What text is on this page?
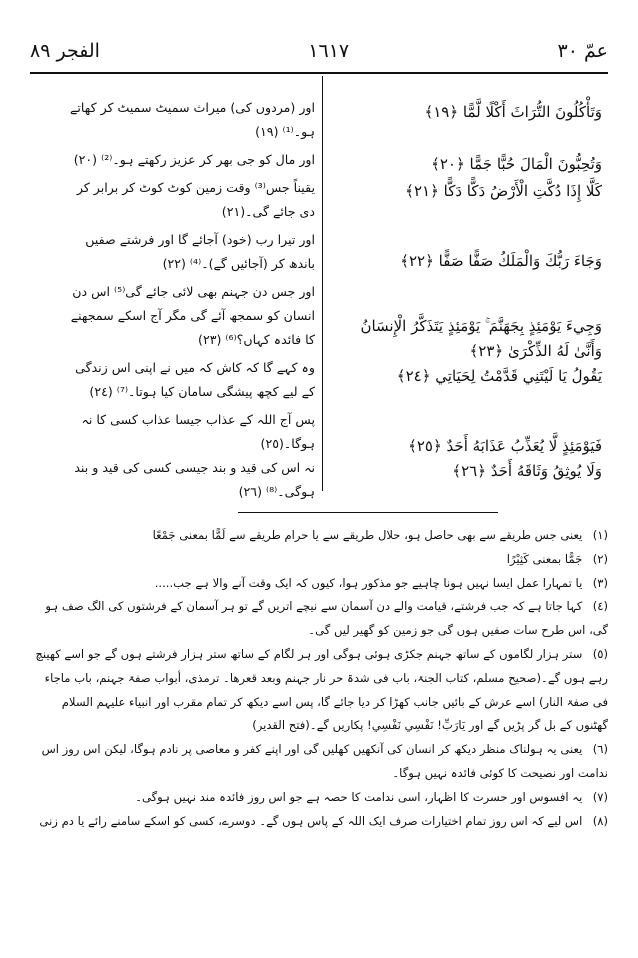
الفجر ٨٩	١٦١٧	عمّ ٣٠

وَتَأْكُلُونَ التُّرَاثَ أَكْلًا لَّمًّا ﴿١٩﴾

وَتُحِبُّونَ الْمَالَ حُبًّا جَمًّا ﴿٢٠﴾

كَلَّا إِذَا دُكَّتِ الْأَرْضُ دَكًّا دَكًّا ﴿٢١﴾

وَجَاءَ رَبُّكَ وَالْمَلَكُ صَفًّا صَفًّا ﴿٢٢﴾

وَجِيءَ يَوْمَئِذٍ بِجَهَنَّمَ ۚ يَوْمَئِذٍ يَتَذَكَّرُ الْإِنسَانُ

وَأَنَّىٰ لَهُ الذِّكْرَىٰ ﴿٢٣﴾

يَقُولُ يَا لَيْتَنِي قَدَّمْتُ لِحَيَاتِي ﴿٢٤﴾

فَيَوْمَئِذٍ لَّا يُعَذِّبُ عَذَابَهُ أَحَدٌ ﴿٢٥﴾

وَلَا يُوثِقُ وَثَاقَهُ أَحَدٌ ﴿٢٦﴾

اور (مردوں کی) میراث سمیٹ سمیٹ کر کھاتے ہو۔⁽¹⁾ (١٩)

اور مال کو جی بھر کر عزیز رکھتے ہو۔⁽²⁾ (٢٠)

یقیناً جس⁽³⁾ وقت زمین کوٹ کوٹ کر برابر کر دی جائے گی۔(٢١)

اور تیرا رب (خود) آجائے گا اور فرشتے صفیں باندھ کر (آجائیں گے)۔⁽⁴⁾ (٢٢)

اور جس دن جہنم بھی لائی جائے گی⁽⁵⁾ اس دن انسان کو سمجھ آئے گی مگر آج اسکے سمجھنے کا فائدہ کہاں؟⁽⁶⁾ (٢٣)

وہ کہے گا کہ کاش کہ میں نے اپنی اس زندگی کے لیے کچھ پیشگی سامان کیا ہوتا۔⁽⁷⁾ (٢٤)

پس آج اللہ کے عذاب جیسا عذاب کسی کا نہ ہوگا۔(٢٥)

نہ اس کی قید و بند جیسی کسی کی قید و بند ہوگی۔⁽⁸⁾ (٢٦)

(١) یعنی جس طریقے سے بھی حاصل ہو، حلال طریقے سے یا حرام طریقے سے لَمًّا بمعنی جَمْعًا

(٢) جَمًّا بمعنی کَثِیْرًا

(٣) یا تمہارا عمل ایسا نہیں ہونا چاہیے جو مذکور ہوا، کیوں کہ ایک وقت آنے والا ہے جب.....

(٤) کہا جاتا ہے کہ جب فرشتے، قیامت والے دن آسمان سے نیچے اتریں گے تو ہر آسمان کے فرشتوں کی الگ صف ہو گی، اس طرح سات صفیں ہوں گی جو زمین کو گھیر لیں گی۔

(٥) ستر ہزار لگاموں کے ساتھ جہنم جکڑی ہوئی ہوگی اور ہر لگام کے ساتھ ستر ہزار فرشتے ہوں گے جو اسے کھینچ رہے ہوں گے۔(صحیح مسلم، کتاب الجنۃ، باب فی شدۃ حر نار جہنم وبعد قعرھا۔ ترمذی، أبواب صفۃ جہنم، باب ماجاء فی صفۃ النار) اسے عرش کے بائیں جانب کھڑا کر دیا جائے گا، پس اسے دیکھ کر تمام مقرب اور انبیاء علیہم السلام گھٹنوں کے بل گر پڑیں گے اور یَارَبِّ! نَفْسِي نَفْسِي! پکاریں گے۔(فتح القدیر)

(٦) یعنی یہ ہولناک منظر دیکھ کر انسان کی آنکھیں کھلیں گی اور اپنے کفر و معاصی پر نادم ہوگا، لیکن اس روز اس ندامت اور نصیحت کا کوئی فائدہ نہیں ہوگا۔

(٧) یہ افسوس اور حسرت کا اظہار، اسی ندامت کا حصہ ہے جو اس روز فائدہ مند نہیں ہوگی۔

(٨) اس لیے کہ اس روز تمام اختیارات صرف ایک اللہ کے پاس ہوں گے۔ دوسرے، کسی کو اسکے سامنے رائے یا دم زنی
